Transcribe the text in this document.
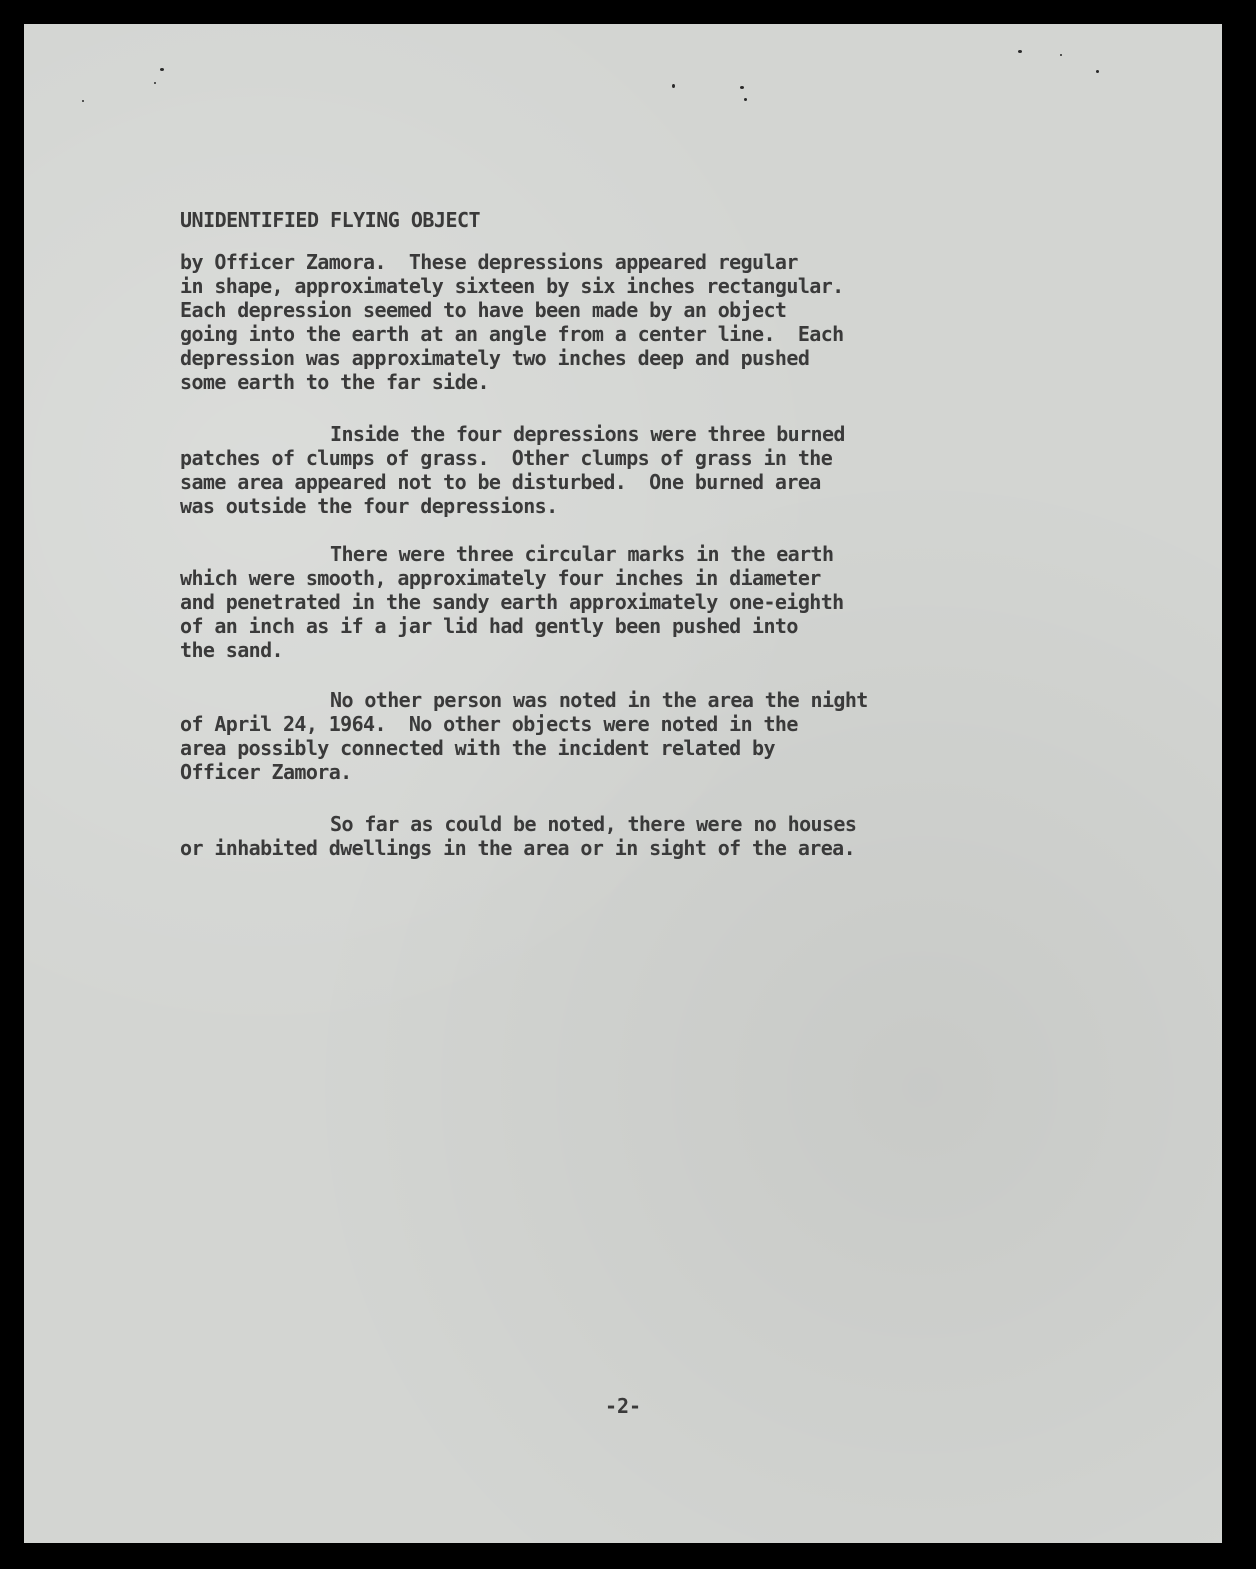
UNIDENTIFIED FLYING OBJECT
by Officer Zamora.  These depressions appeared regular
in shape, approximately sixteen by six inches rectangular.
Each depression seemed to have been made by an object
going into the earth at an angle from a center line.  Each
depression was approximately two inches deep and pushed
some earth to the far side.
Inside the four depressions were three burned
patches of clumps of grass.  Other clumps of grass in the
same area appeared not to be disturbed.  One burned area
was outside the four depressions.
There were three circular marks in the earth
which were smooth, approximately four inches in diameter
and penetrated in the sandy earth approximately one-eighth
of an inch as if a jar lid had gently been pushed into
the sand.
No other person was noted in the area the night
of April 24, 1964.  No other objects were noted in the
area possibly connected with the incident related by
Officer Zamora.
So far as could be noted, there were no houses
or inhabited dwellings in the area or in sight of the area.
-2-
